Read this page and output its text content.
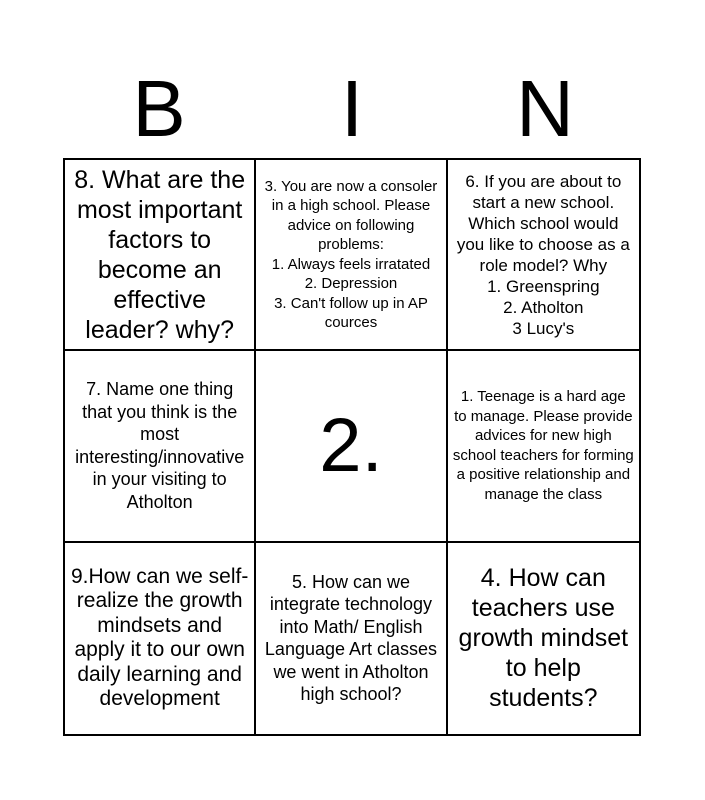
B	I	N
8. What are the most important factors to become an effective leader? why?
3. You are now a consoler in a high school. Please advice on following problems:
1. Always feels irratated
2. Depression
3. Can't follow up in AP cources
6. If you are about to start a new school. Which school would you like to choose as a role model? Why
1. Greenspring
2. Atholton
3 Lucy's
7. Name one thing that you think is the most interesting/innovative in your visiting to Atholton
2.
1. Teenage is a hard age to manage. Please provide advices for new high school teachers for forming a positive relationship and manage the class
9.How can we self-realize the growth mindsets and apply it to our own daily learning and development
5. How can we integrate technology into Math/ English Language Art classes we went in Atholton high school?
4. How can teachers use growth mindset to help students?
